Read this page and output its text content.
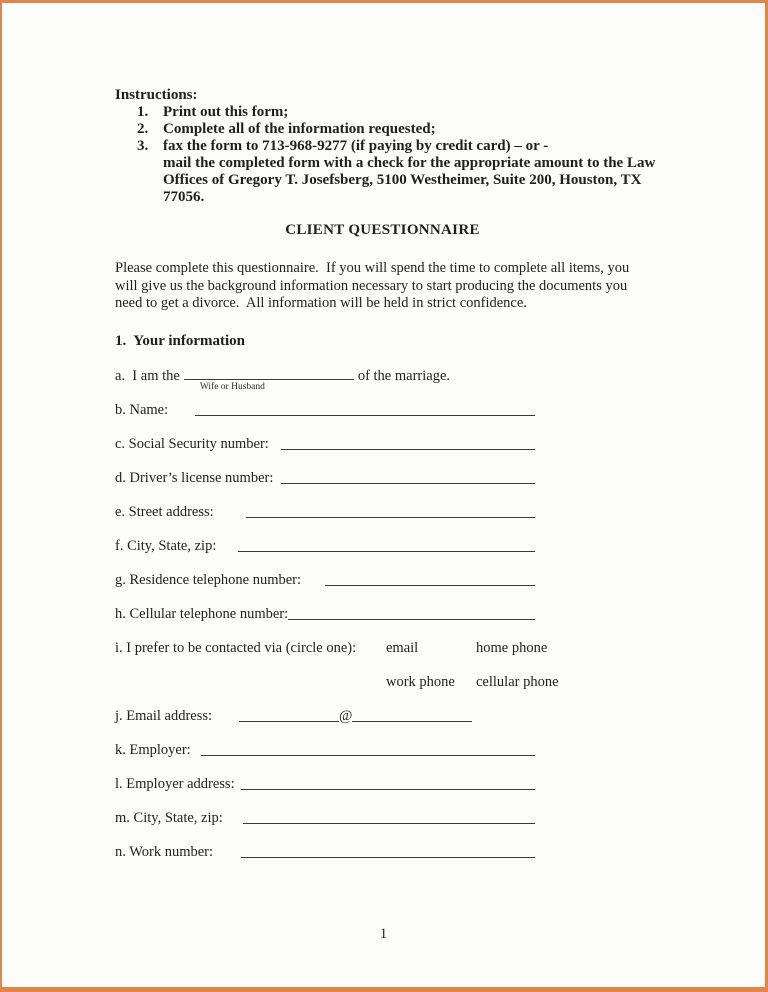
Instructions:
1. Print out this form;
2. Complete all of the information requested;
3. fax the form to 713-968-9277 (if paying by credit card) – or -
mail the completed form with a check for the appropriate amount to the Law
Offices of Gregory T. Josefsberg, 5100 Westheimer, Suite 200, Houston, TX
77056.
CLIENT QUESTIONNAIRE
Please complete this questionnaire.  If you will spend the time to complete all items, you
will give us the background information necessary to start producing the documents you
need to get a divorce.  All information will be held in strict confidence.
1.  Your information
a.  I am the
Wife or Husband
of the marriage.
b. Name:
c. Social Security number:
d. Driver’s license number:
e. Street address:
f. City, State, zip:
g. Residence telephone number:
h. Cellular telephone number:
i. I prefer to be contacted via (circle one): email	home phone
work phone cellular phone
j. Email address:	@
k. Employer:
l. Employer address:
m. City, State, zip:
n. Work number:
1
